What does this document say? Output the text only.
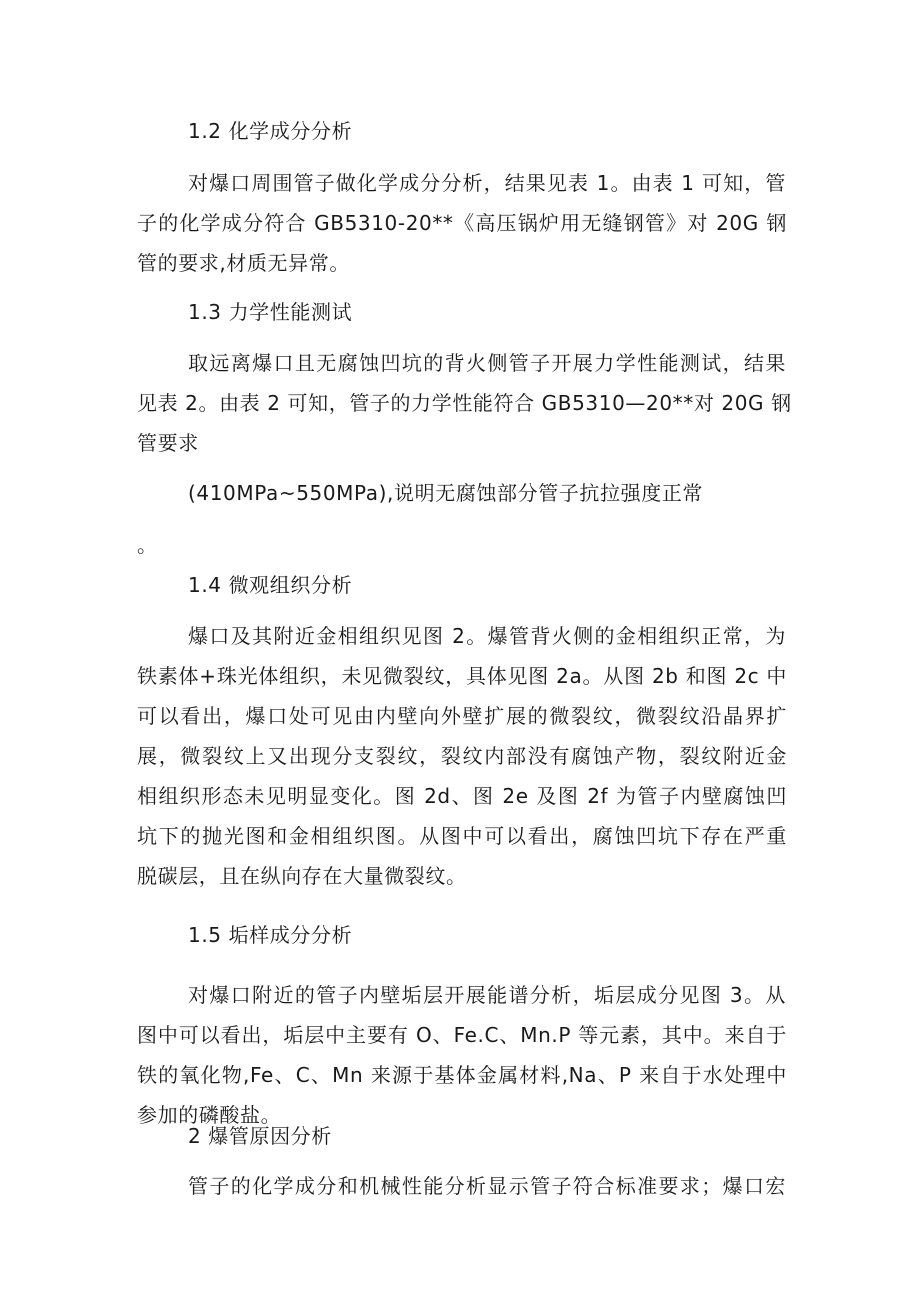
1.2 化学成分分析
对爆口周围管子做化学成分分析，结果见表 1。由表 1 可知，管
子的化学成分符合 GB5310-20**《高压锅炉用无缝钢管》对 20G 钢
管的要求,材质无异常。
1.3 力学性能测试
取远离爆口且无腐蚀凹坑的背火侧管子开展力学性能测试，结果
见表 2。由表 2 可知，管子的力学性能符合 GB5310—20**对 20G 钢
管要求
(410MPa~550MPa),说明无腐蚀部分管子抗拉强度正常
。
1.4 微观组织分析
爆口及其附近金相组织见图 2。爆管背火侧的金相组织正常，为
铁素体+珠光体组织，未见微裂纹，具体见图 2a。从图 2b 和图 2c 中
可以看出，爆口处可见由内壁向外壁扩展的微裂纹，微裂纹沿晶界扩
展，微裂纹上又出现分支裂纹，裂纹内部没有腐蚀产物，裂纹附近金
相组织形态未见明显变化。图 2d、图 2e 及图 2f 为管子内壁腐蚀凹
坑下的抛光图和金相组织图。从图中可以看出，腐蚀凹坑下存在严重
脱碳层，且在纵向存在大量微裂纹。
1.5 垢样成分分析
对爆口附近的管子内壁垢层开展能谱分析，垢层成分见图 3。从
图中可以看出，垢层中主要有 O、Fe.C、Mn.P 等元素，其中。来自于
铁的氧化物,Fe、C、Mn 来源于基体金属材料,Na、P 来自于水处理中
参加的磷酸盐。
2 爆管原因分析
管子的化学成分和机械性能分析显示管子符合标准要求；爆口宏
